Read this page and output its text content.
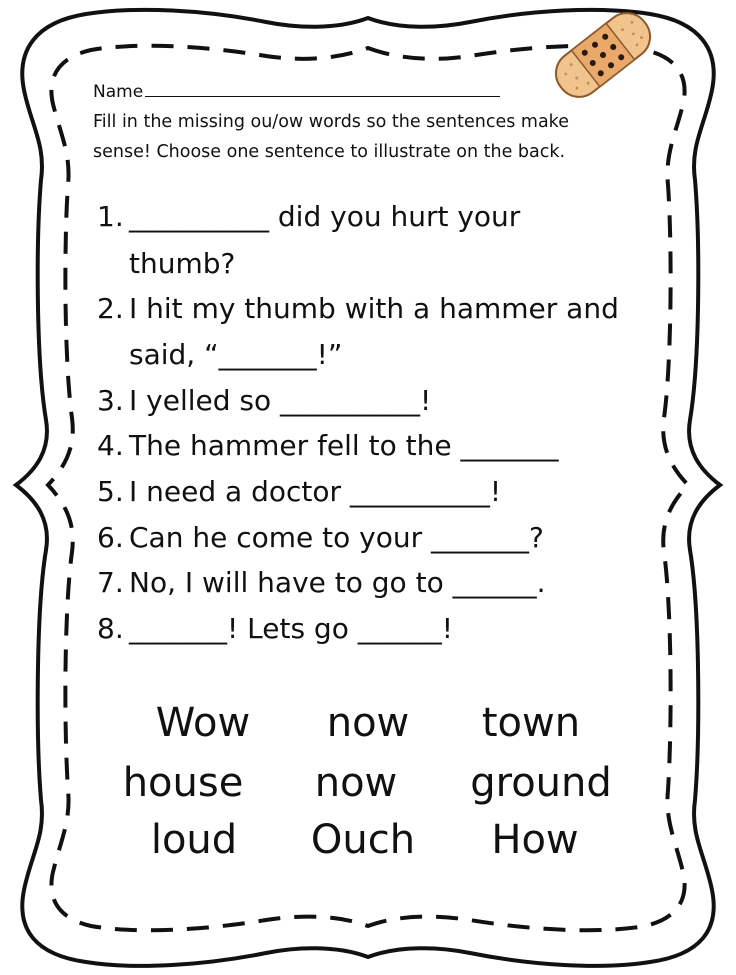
Name
Fill in the missing ou/ow words so the sentences make
sense! Choose one sentence to illustrate on the back.
1. __________ did you hurt your
thumb?
2. I hit my thumb with a hammer and
said, “_______!”
3. I yelled so __________!
4. The hammer fell to the _______
5. I need a doctor __________!
6. Can he come to your _______?
7. No, I will have to go to ______.
8. _______! Lets go ______!
Wow	now	town
house	now	ground
loud	Ouch	How
